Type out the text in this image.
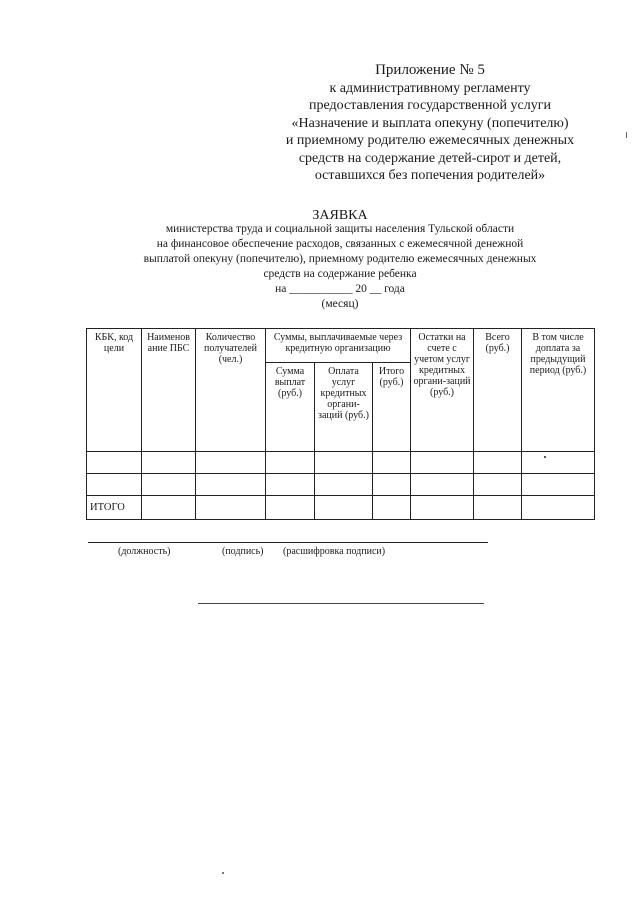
Приложение № 5
к административному регламенту
предоставления государственной услуги
«Назначение и выплата опекуну (попечителю)
и приемному родителю ежемесячных денежных
средств на содержание детей-сирот и детей,
оставшихся без попечения родителей»
ЗАЯВКА
министерства труда и социальной защиты населения Тульской области
на финансовое обеспечение расходов, связанных с ежемесячной денежной
выплатой опекуну (попечителю), приемному родителю ежемесячных денежных
средств на содержание ребенка
на ___________ 20 __ года
(месяц)
КБК, код цели	Наименов ание ПБС	Количество получателей (чел.)	Суммы, выплачиваемые через кредитную организацию			Остатки на счете с учетом услуг кредитных органи-заций (руб.)	Всего (руб.)	В том числе доплата за предыдущий период (руб.)
			Сумма выплат (руб.)	Оплата услуг кредитных органи-заций (руб.)	Итого (руб.)			

ИТОГО								
(должность)	(подпись) (расшифровка подписи)
